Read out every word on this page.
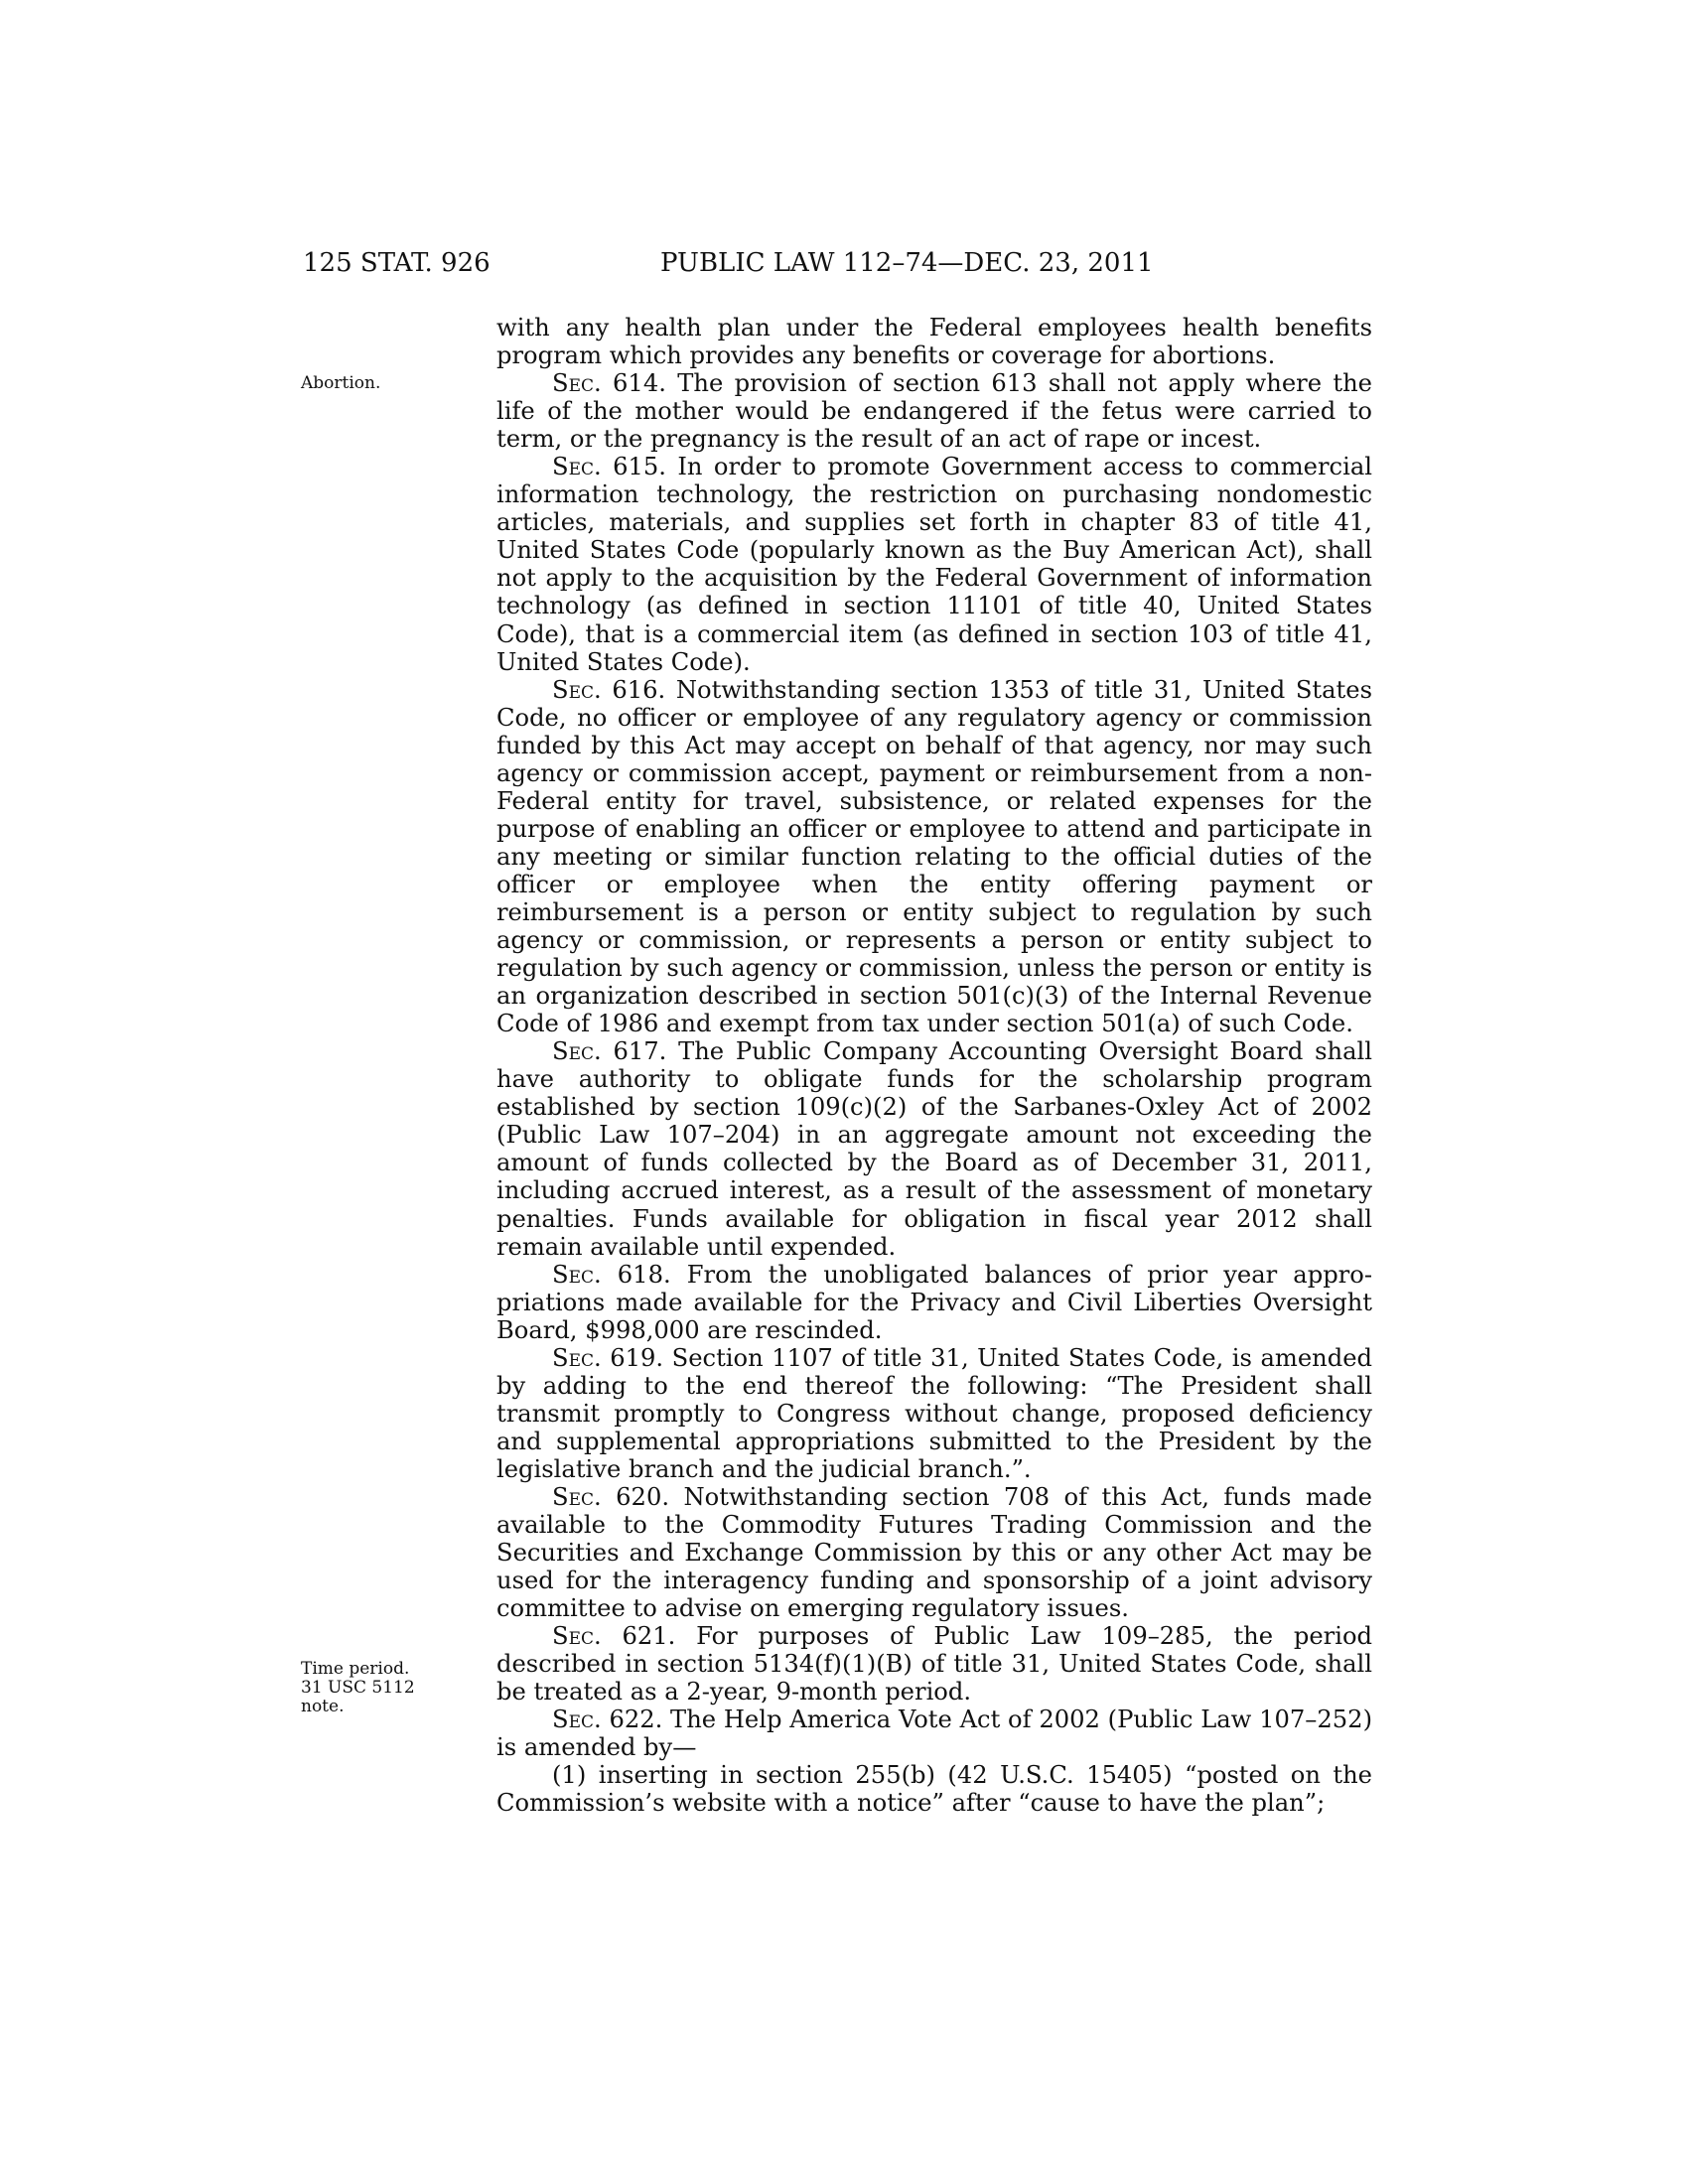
125 STAT. 926	PUBLIC LAW 112–74—DEC. 23, 2011
Abortion.
Time period.
31 USC 5112
note.

with any health plan under the Federal employees health benefits program which provides any benefits or coverage for abortions.

Sec. 614. The provision of section 613 shall not apply where the life of the mother would be endangered if the fetus were carried to term, or the pregnancy is the result of an act of rape or incest.

Sec. 615. In order to promote Government access to commercial information technology, the restriction on purchasing nondomestic articles, materials, and supplies set forth in chapter 83 of title 41, United States Code (popularly known as the Buy American Act), shall not apply to the acquisition by the Federal Government of information technology (as defined in section 11101 of title 40, United States Code), that is a commercial item (as defined in section 103 of title 41, United States Code).

Sec. 616. Notwithstanding section 1353 of title 31, United States Code, no officer or employee of any regulatory agency or commission funded by this Act may accept on behalf of that agency, nor may such agency or commission accept, payment or reimbursement from a non-Federal entity for travel, subsistence, or related expenses for the purpose of enabling an officer or employee to attend and participate in any meeting or similar function relating to the official duties of the officer or employee when the entity offering payment or reimbursement is a person or entity subject to regulation by such agency or commission, or represents a person or entity subject to regulation by such agency or commission, unless the person or entity is an organization described in section 501(c)(3) of the Internal Revenue Code of 1986 and exempt from tax under section 501(a) of such Code.

Sec. 617. The Public Company Accounting Oversight Board shall have authority to obligate funds for the scholarship program established by section 109(c)(2) of the Sarbanes-Oxley Act of 2002 (Public Law 107–204) in an aggregate amount not exceeding the amount of funds collected by the Board as of December 31, 2011, including accrued interest, as a result of the assessment of monetary penalties. Funds available for obligation in fiscal year 2012 shall remain available until expended.

Sec. 618. From the unobligated balances of prior year appropriations made available for the Privacy and Civil Liberties Oversight Board, $998,000 are rescinded.

Sec. 619. Section 1107 of title 31, United States Code, is amended by adding to the end thereof the following: “The President shall transmit promptly to Congress without change, proposed deficiency and supplemental appropriations submitted to the President by the legislative branch and the judicial branch.”.

Sec. 620. Notwithstanding section 708 of this Act, funds made available to the Commodity Futures Trading Commission and the Securities and Exchange Commission by this or any other Act may be used for the interagency funding and sponsorship of a joint advisory committee to advise on emerging regulatory issues.

Sec. 621. For purposes of Public Law 109–285, the period described in section 5134(f)(1)(B) of title 31, United States Code, shall be treated as a 2-year, 9-month period.

Sec. 622. The Help America Vote Act of 2002 (Public Law 107–252) is amended by—

(1) inserting in section 255(b) (42 U.S.C. 15405) “posted on the Commission’s website with a notice” after “cause to have the plan”;
